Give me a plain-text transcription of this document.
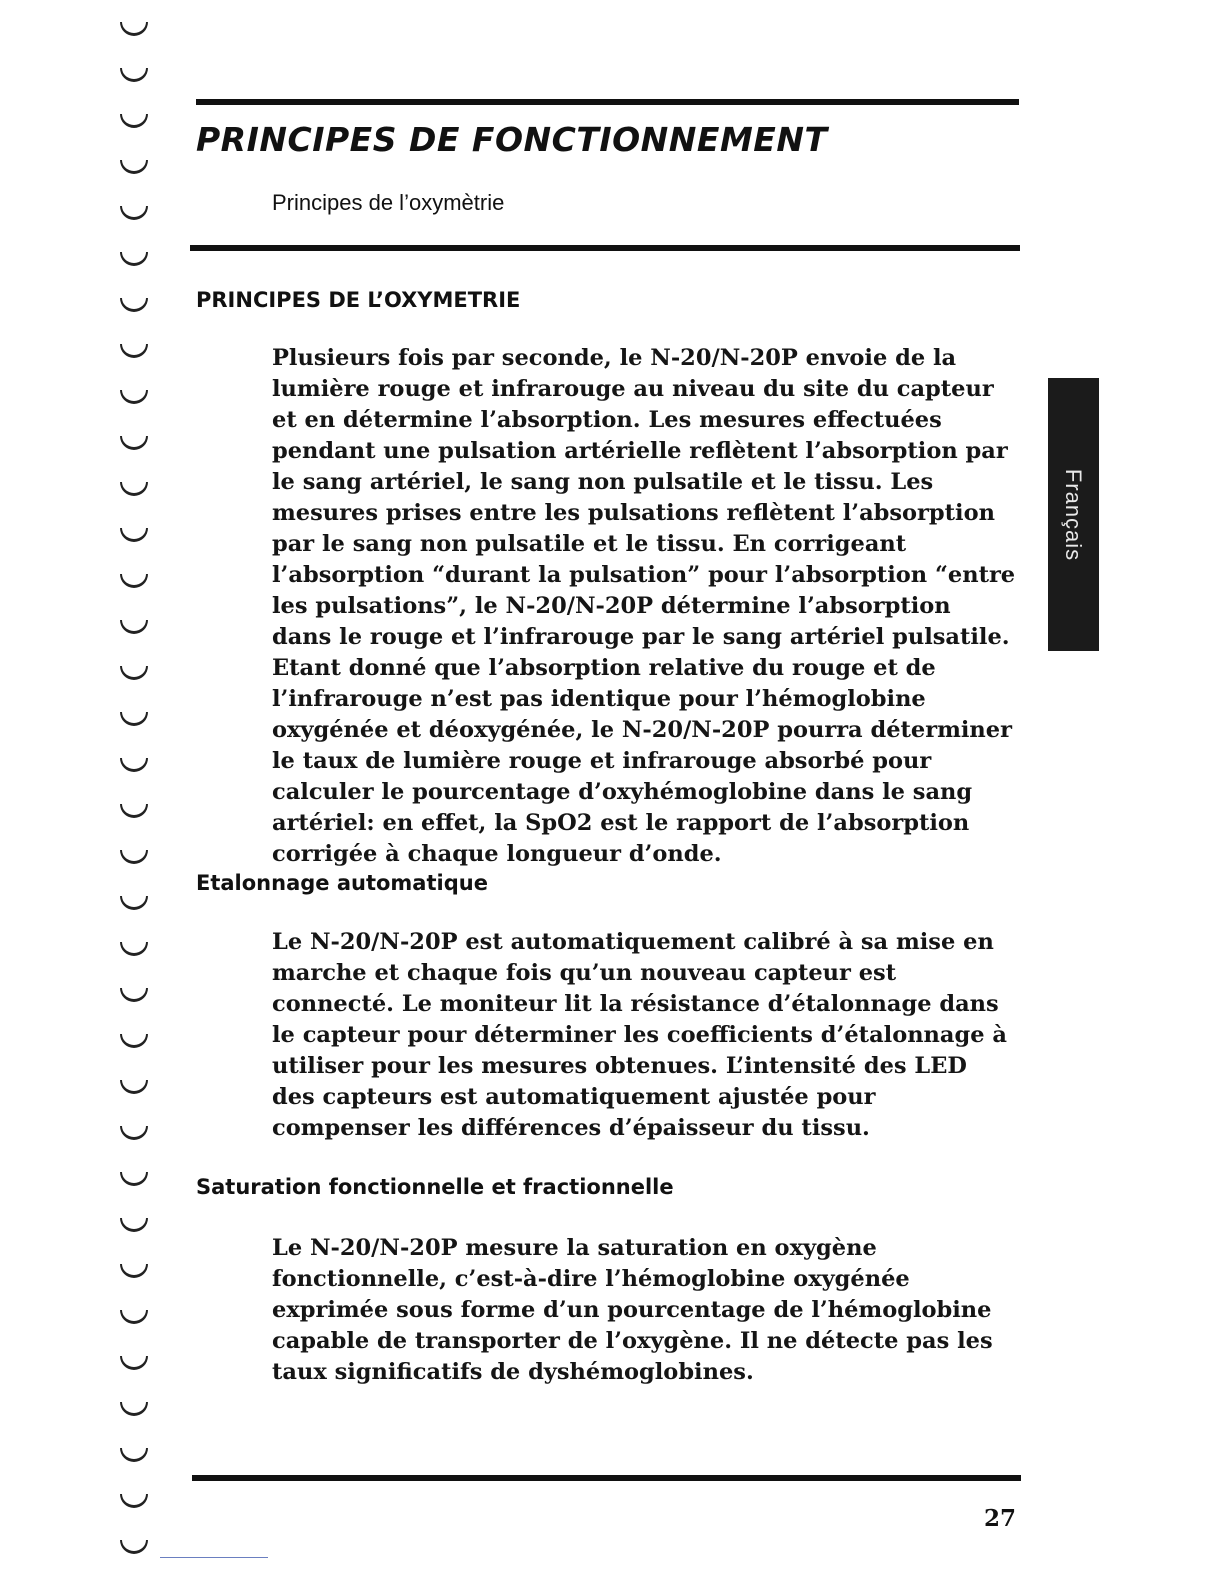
PRINCIPES DE FONCTIONNEMENT
Principes de l’oxymètrie
PRINCIPES DE L’OXYMETRIE

Plusieurs fois par seconde, le N-20/N-20P envoie de la lumière rouge et infrarouge au niveau du site du capteur et en détermine l’absorption. Les mesures effectuées pendant une pulsation artérielle reflètent l’absorption par le sang artériel, le sang non pulsatile et le tissu. Les mesures prises entre les pulsations reflètent l’absorption par le sang non pulsatile et le tissu. En corrigeant l’absorption “durant la pulsation” pour l’absorption “entre les pulsations”, le N-20/N-20P détermine l’absorption dans le rouge et l’infrarouge par le sang artériel pulsatile. Etant donné que l’absorption relative du rouge et de l’infrarouge n’est pas identique pour l’hémoglobine oxygénée et déoxygénée, le N-20/N-20P pourra déterminer le taux de lumière rouge et infrarouge absorbé pour calculer le pourcentage d’oxyhémoglobine dans le sang artériel: en effet, la SpO2 est le rapport de l’absorption corrigée à chaque longueur d’onde.

Etalonnage automatique

Le N-20/N-20P est automatiquement calibré à sa mise en marche et chaque fois qu’un nouveau capteur est connecté. Le moniteur lit la résistance d’étalonnage dans le capteur pour déterminer les coefficients d’étalonnage à utiliser pour les mesures obtenues. L’intensité des LED des capteurs est automatiquement ajustée pour compenser les différences d’épaisseur du tissu.

Saturation fonctionnelle et fractionnelle

Le N-20/N-20P mesure la saturation en oxygène fonctionnelle, c’est-à-dire l’hémoglobine oxygénée exprimée sous forme d’un pourcentage de l’hémoglobine capable de transporter de l’oxygène. Il ne détecte pas les taux significatifs de dyshémoglobines.

Français
27
